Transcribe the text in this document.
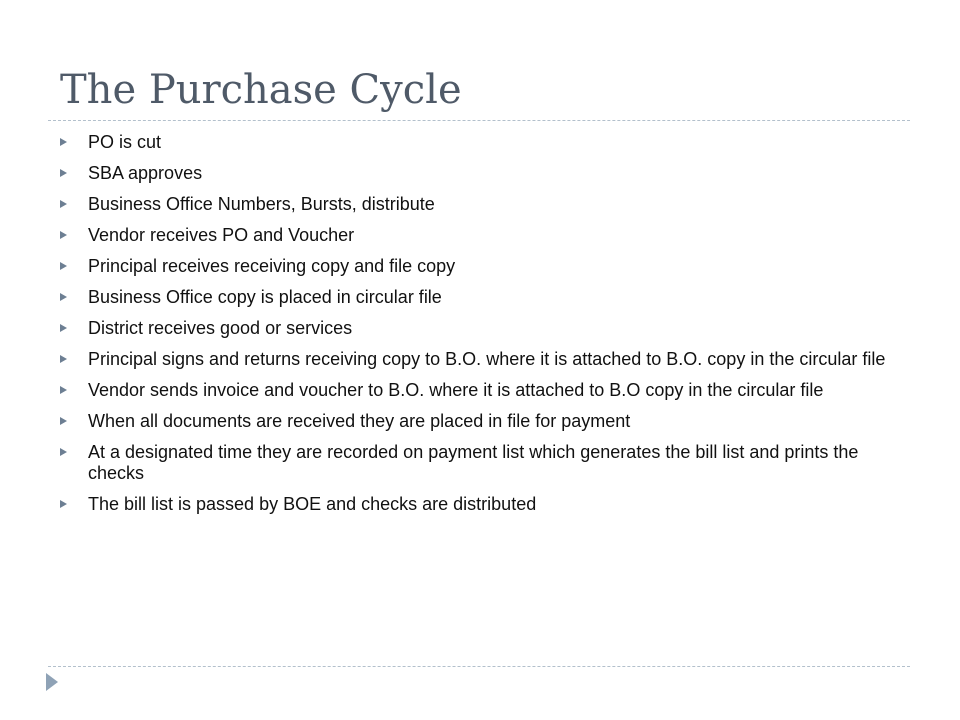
The Purchase Cycle
PO is cut
SBA approves
Business Office Numbers, Bursts, distribute
Vendor receives PO and Voucher
Principal receives receiving copy and file copy
Business Office copy is placed in circular file
District receives good or services
Principal signs and returns receiving copy to B.O. where it is attached to B.O. copy in the circular file
Vendor sends invoice and voucher to B.O. where it is attached to B.O copy in the circular file
When all documents are received they are placed in file for payment
At a designated time they are recorded on payment list which generates the bill list and prints the checks
The bill list is passed by BOE and checks are distributed
